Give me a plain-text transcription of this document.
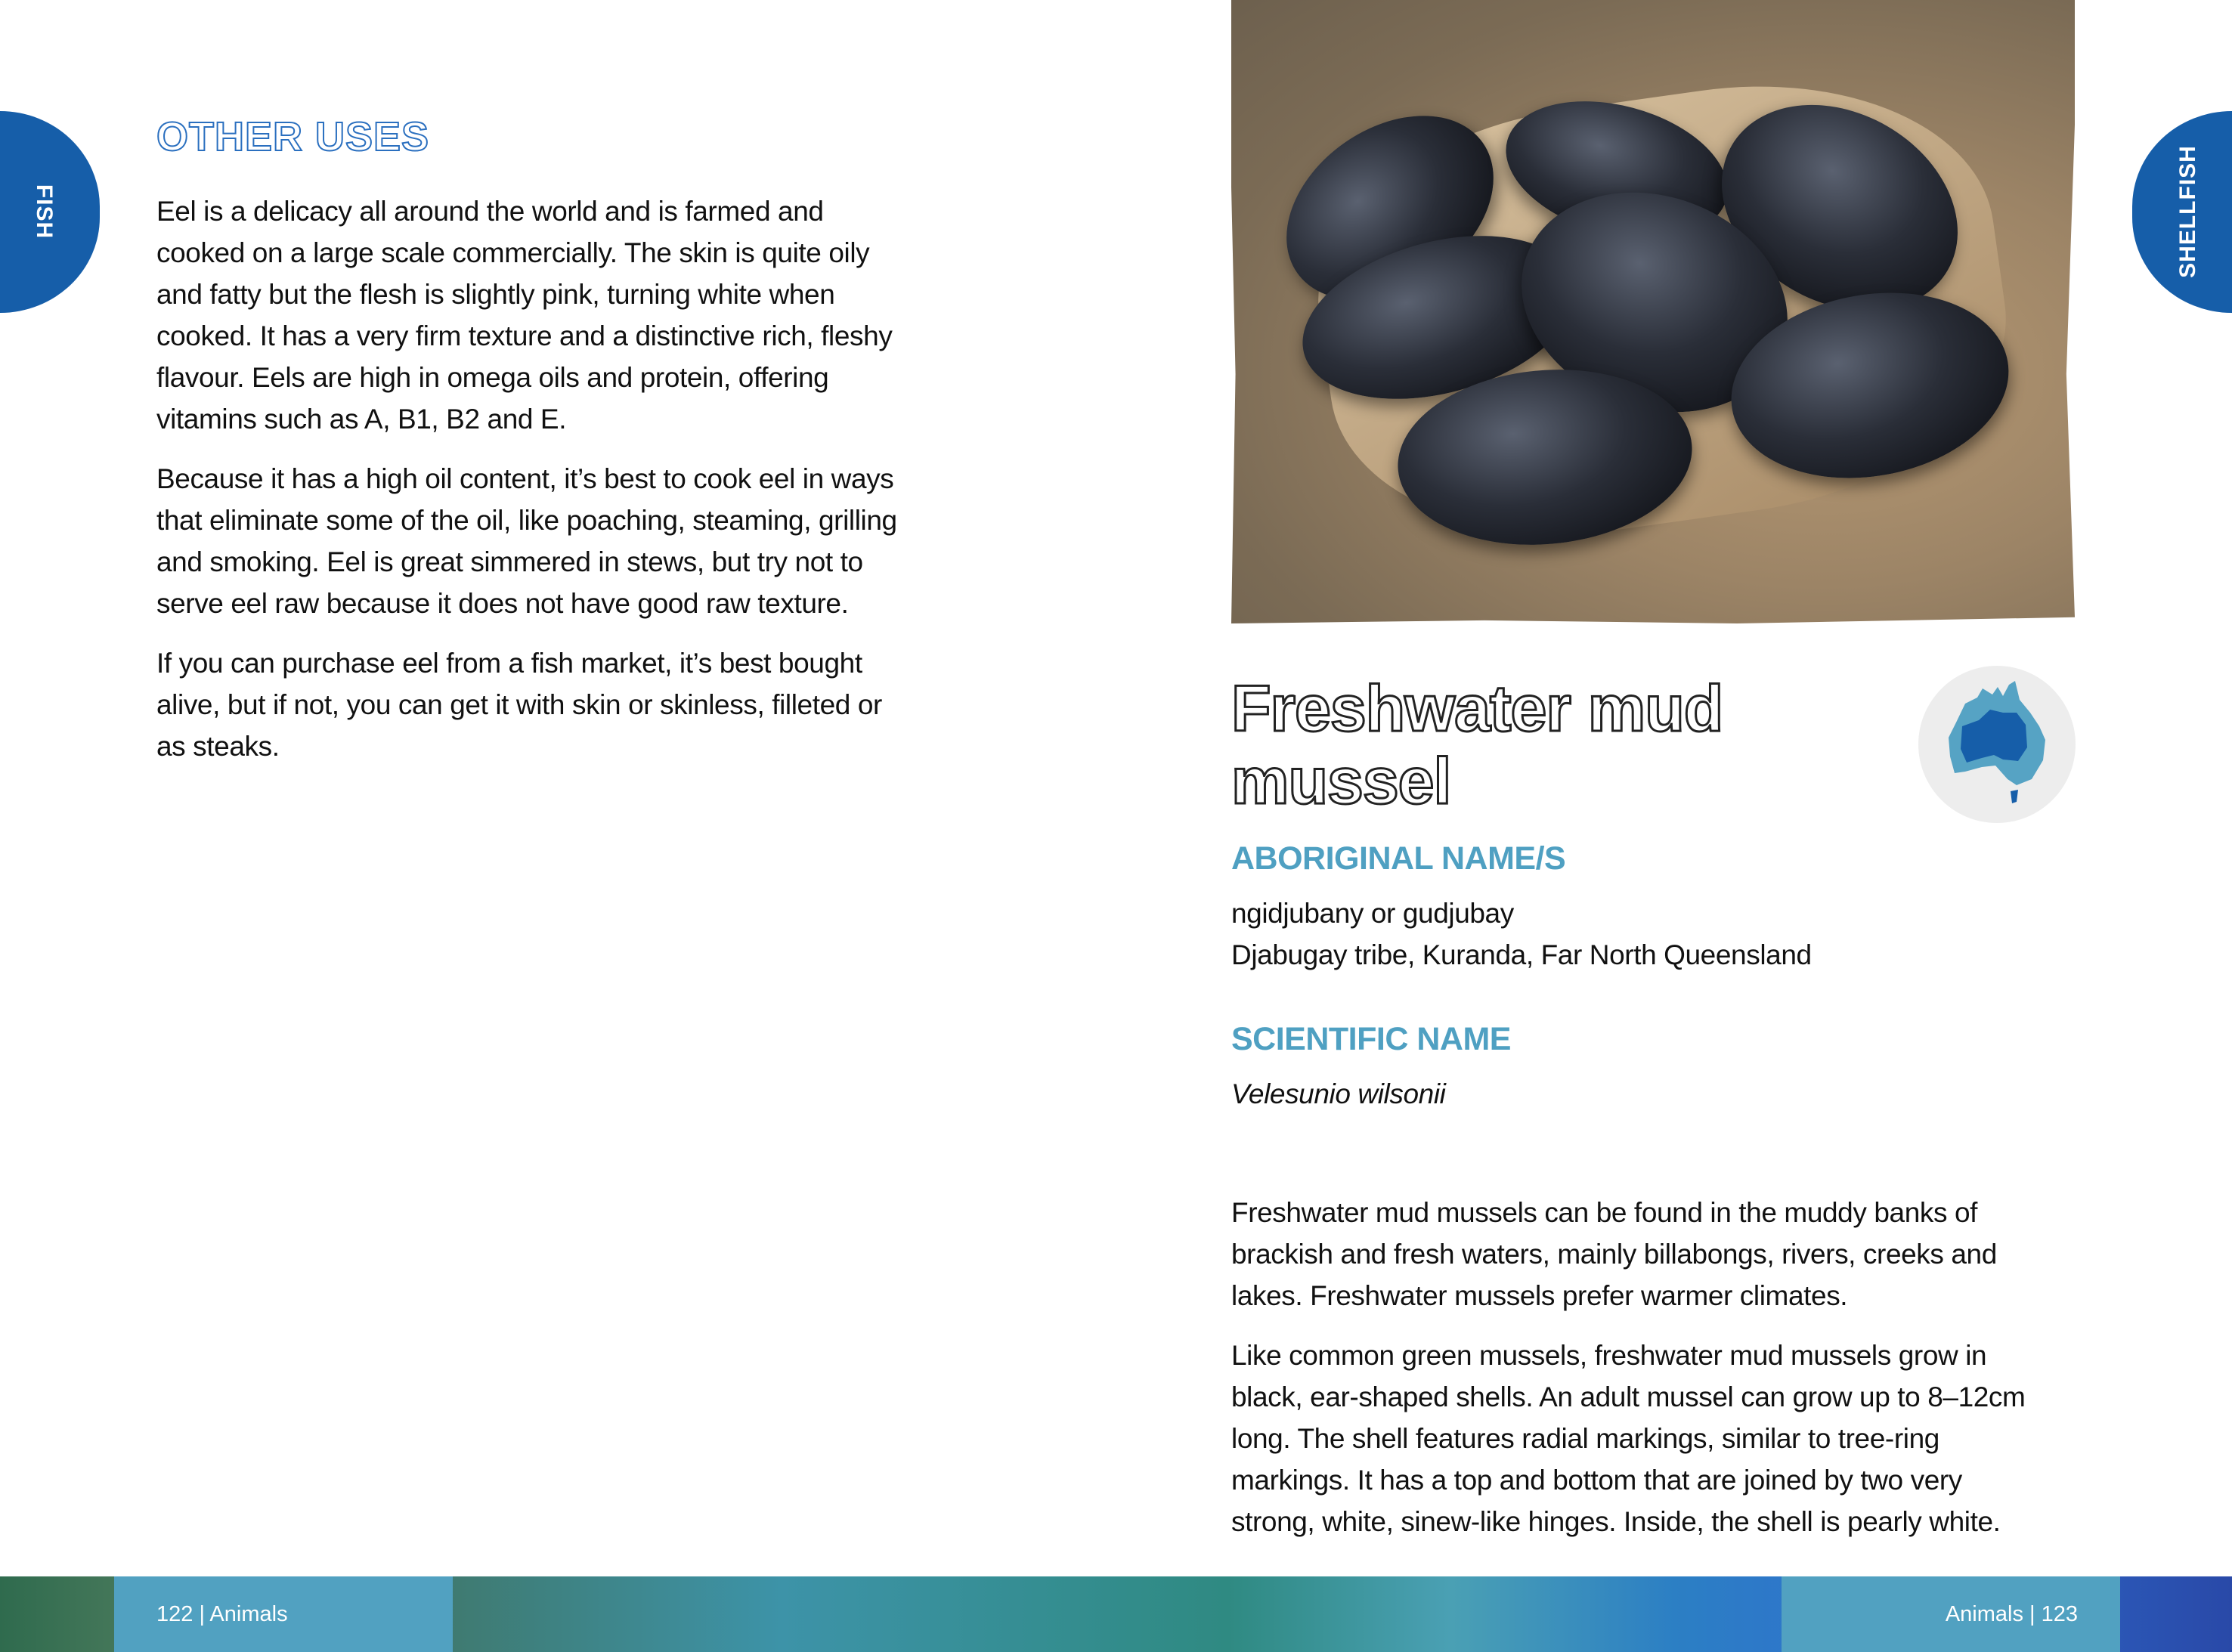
FISH
OTHER USES
Eel is a delicacy all around the world and is farmed and
cooked on a large scale commercially. The skin is quite oily
and fatty but the flesh is slightly pink, turning white when
cooked. It has a very firm texture and a distinctive rich, fleshy
flavour. Eels are high in omega oils and protein, offering
vitamins such as A, B1, B2 and E.
Because it has a high oil content, it’s best to cook eel in ways
that eliminate some of the oil, like poaching, steaming, grilling
and smoking. Eel is great simmered in stews, but try not to
serve eel raw because it does not have good raw texture.
If you can purchase eel from a fish market, it’s best bought
alive, but if not, you can get it with skin or skinless, filleted or
as steaks.
SHELLFISH
Freshwater mud
mussel
ABORIGINAL NAME/S
ngidjubany or gudjubay
Djabugay tribe, Kuranda, Far North Queensland
SCIENTIFIC NAME
Velesunio wilsonii
Freshwater mud mussels can be found in the muddy banks of
brackish and fresh waters, mainly billabongs, rivers, creeks and
lakes. Freshwater mussels prefer warmer climates.
Like common green mussels, freshwater mud mussels grow in
black, ear-shaped shells. An adult mussel can grow up to 8–12cm
long. The shell features radial markings, similar to tree-ring
markings. It has a top and bottom that are joined by two very
strong, white, sinew-like hinges. Inside, the shell is pearly white.
122 | Animals	Animals | 123
